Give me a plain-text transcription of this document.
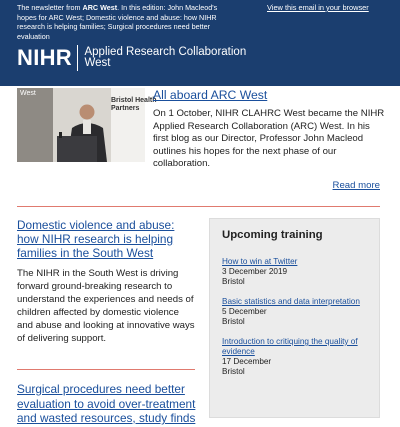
The newsletter from ARC West. In this edition: John Macleod's hopes for ARC West; Domestic violence and abuse: how NIHR research is helping families; Surgical procedures need better evaluation
View this email in your browser
NIHR Applied Research Collaboration
West
West
Bristol Health Partners
All aboard ARC West

On 1 October, NIHR CLAHRC West became the NIHR Applied Research Collaboration (ARC) West. In his first blog as our Director, Professor John Macleod outlines his hopes for the next phase of our collaboration.

Read more
Domestic violence and abuse: how NIHR research is helping families in the South West

The NIHR in the South West is driving forward ground-breaking research to understand the experiences and needs of children affected by domestic violence and abuse and looking at innovative ways of delivering support.

Surgical procedures need better evaluation to avoid over-treatment and wasted resources, study finds
Upcoming training
How to win at Twitter
3 December 2019
Bristol
Basic statistics and data interpretation
5 December
Bristol
Introduction to critiquing the quality of evidence
17 December
Bristol
